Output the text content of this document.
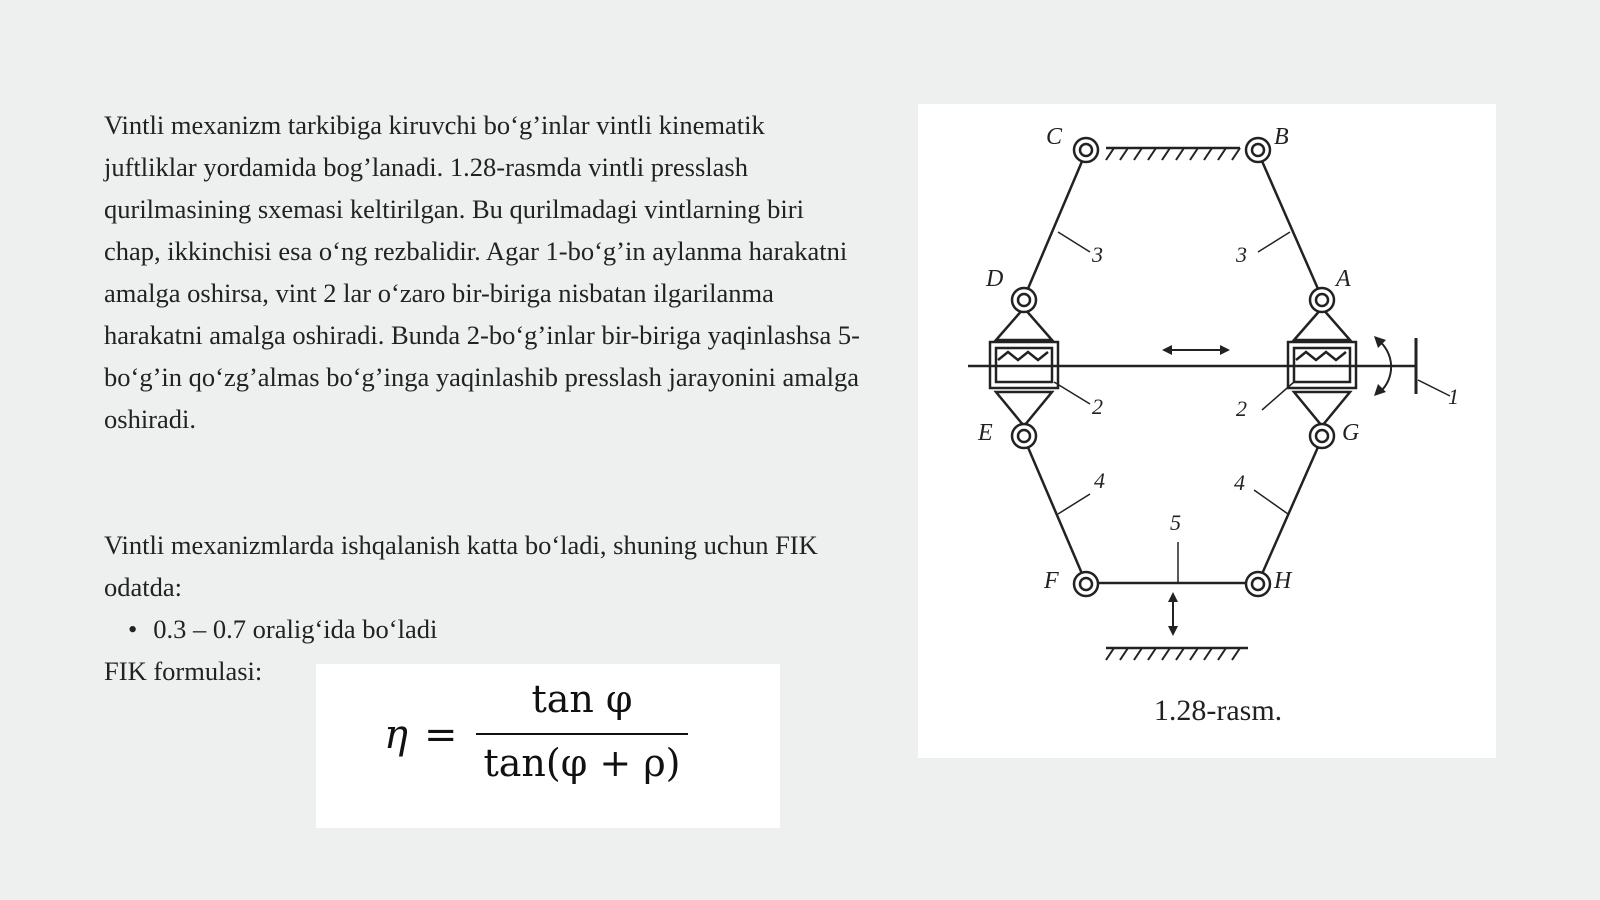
Vintli mexanizm tarkibiga kiruvchi bo‘g’inlar vintli kinematik juftliklar yordamida bog’lanadi. 1.28-rasmda vintli presslash qurilmasining sxemasi keltirilgan. Bu qurilmadagi vintlarning biri chap, ikkinchisi esa o‘ng rezbalidir. Agar 1-bo‘g’in aylanma harakatni amalga oshirsa, vint 2 lar o‘zaro bir-biriga nisbatan ilgarilanma harakatni amalga oshiradi. Bunda 2-bo‘g’inlar bir-biriga yaqinlashsa 5-bo‘g’in qo‘zg’almas bo‘g’inga yaqinlashib presslash jarayonini amalga oshiradi.

Vintli mexanizmlarda ishqalanish katta bo‘ladi, shuning uchun FIK odatda:

• 0.3 – 0.7 oralig‘ida bo‘ladi

FIK formulasi:

η =
tan φ
tan(φ + ρ)
C	B
D	A
E	G
F	H
3	3
2	2
4	4
5
1
1.28-rasm.
